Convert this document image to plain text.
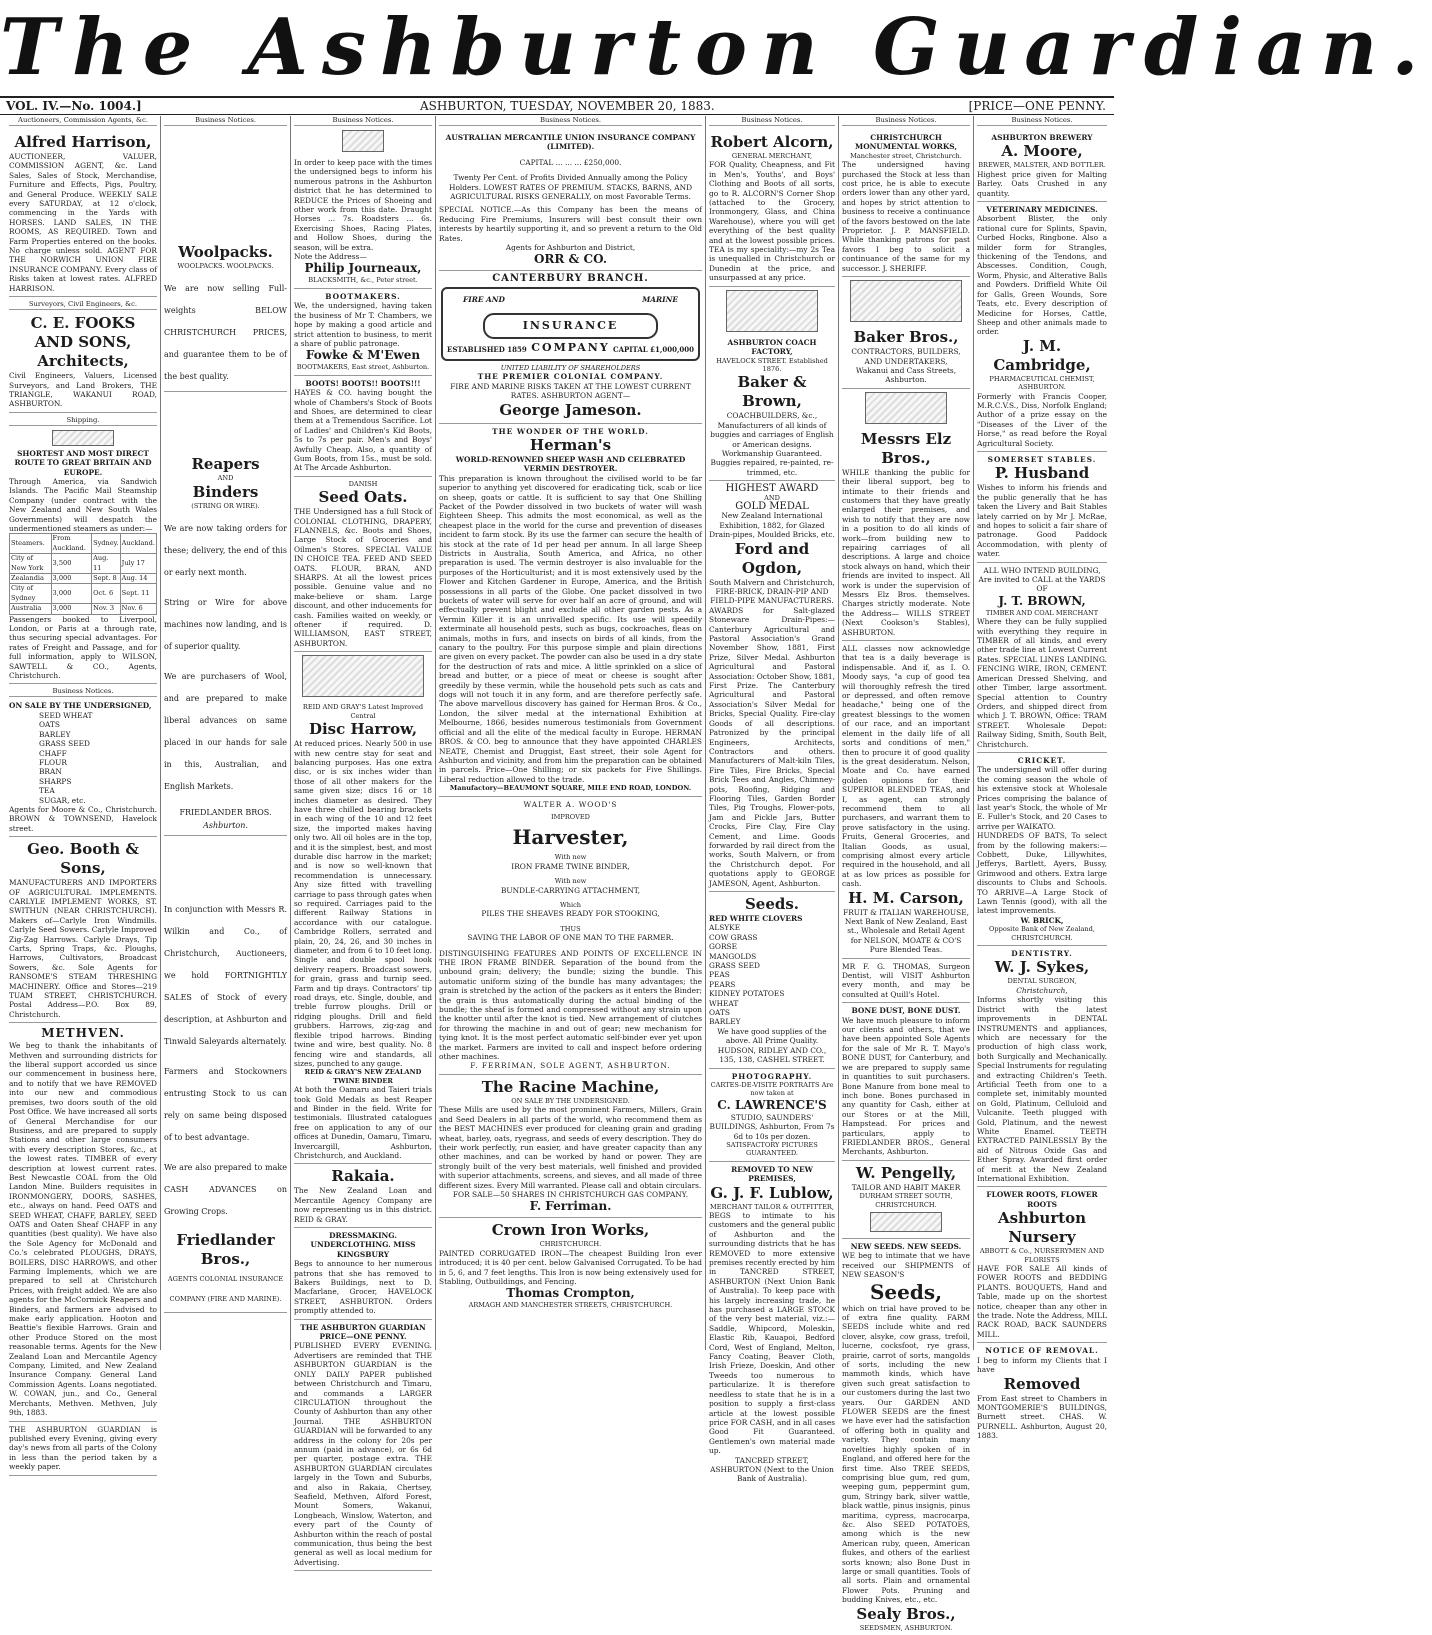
The Ashburton Guardian.
VOL. IV.—No. 1004.]	ASHBURTON, TUESDAY, NOVEMBER 20, 1883.	[PRICE—ONE PENNY.
Auctioneers, Commission Agents, &c.
Alfred Harrison,
AUCTIONEER, VALUER, COMMISSION AGENT, &c. Land Sales, Sales of Stock, Merchandise, Furniture and Effects, Pigs, Poultry, and General Produce. WEEKLY SALE every SATURDAY, at 12 o'clock, commencing in the Yards with HORSES. LAND SALES, IN THE ROOMS, AS REQUIRED. Town and Farm Properties entered on the books. No charge unless sold. AGENT FOR THE NORWICH UNION FIRE INSURANCE COMPANY. Every class of Risks taken at lowest rates. ALFRED HARRISON.
Surveyors, Civil Engineers, &c.
C. E. FOOKS AND SONS, Architects,
Civil Engineers, Valuers, Licensed Surveyors, and Land Brokers, THE TRIANGLE, WAKANUI ROAD, ASHBURTON.
Shipping.
SHORTEST AND MOST DIRECT ROUTE TO GREAT BRITAIN AND EUROPE.
Through America, via Sandwich Islands. The Pacific Mail Steamship Company (under contract with the New Zealand and New South Wales Governments) will despatch the undermentioned steamers as under:—
Steamers.	From Auckland.	Sydney.	Auckland.
City of New York	3,500	Aug. 11	July 17
Zealandia	3,000	Sept. 8	Aug. 14
City of Sydney	3,000	Oct. 6	Sept. 11
Australia	3,000	Nov. 3	Nov. 6
Passengers booked to Liverpool, London, or Paris at a through rate, thus securing special advantages. For rates of Freight and Passage, and for full information, apply to WILSON, SAWTELL & CO., Agents, Christchurch.
Business Notices.
ON SALE BY THE UNDERSIGNED,
SEED WHEAT
OATS
BARLEY
GRASS SEED
CHAFF
FLOUR
BRAN
SHARPS
TEA
SUGAR, etc.
Agents for Moore & Co., Christchurch. BROWN & TOWNSEND, Havelock street.
Geo. Booth & Sons,
MANUFACTURERS AND IMPORTERS OF AGRICULTURAL IMPLEMENTS. CARLYLE IMPLEMENT WORKS, ST. SWITHUN (NEAR CHRISTCHURCH). Makers of—Carlyle Iron Windmills. Carlyle Seed Sowers. Carlyle Improved Zig-Zag Harrows. Carlyle Drays, Tip Carts, Spring Traps, &c. Ploughs, Harrows, Cultivators, Broadcast Sowers, &c. Sole Agents for RANSOME'S STEAM THRESHING MACHINERY. Office and Stores—219 TUAM STREET, CHRISTCHURCH. Postal Address—P.O. Box 89, Christchurch.
METHVEN.
We beg to thank the inhabitants of Methven and surrounding districts for the liberal support accorded us since our commencement in business here, and to notify that we have REMOVED into our new and commodious premises, two doors south of the old Post Office. We have increased all sorts of General Merchandise for our Business, and are prepared to supply Stations and other large consumers with every description Stores, &c., at the lowest rates. TIMBER of every description at lowest current rates. Best Newcastle COAL from the Old Landon Mine. Builders requisites in IRONMONGERY, DOORS, SASHES, etc., always on hand. Feed OATS and SEED WHEAT, CHAFF, BARLEY, SEED OATS and Oaten Sheaf CHAFF in any quantities (best quality). We have also the Sole Agency for McDonald and Co.'s celebrated PLOUGHS, DRAYS, BOILERS, DISC HARROWS, and other Farming Implements, which we are prepared to sell at Christchurch Prices, with freight added. We are also agents for the McCormick Reapers and Binders, and farmers are advised to make early application. Hooton and Beattie's flexible Harrows. Grain and other Produce Stored on the most reasonable terms. Agents for the New Zealand Loan and Mercantile Agency Company, Limited, and New Zealand Insurance Company. General Land Commission Agents. Loans negotiated. W. COWAN, jun., and Co., General Merchants, Methven. Methven, July 9th, 1883.
THE ASHBURTON GUARDIAN is published every Evening, giving every day's news from all parts of the Colony in less than the period taken by a weekly paper.
Business Notices.
Woolpacks.
WOOLPACKS. WOOLPACKS.
We are now selling Full-weights BELOW CHRISTCHURCH PRICES, and guarantee them to be of the best quality.
Reapers
AND
Binders
(STRING OR WIRE).
We are now taking orders for these; delivery, the end of this or early next month.
String or Wire for above machines now landing, and is of superior quality.
We are purchasers of Wool, and are prepared to make liberal advances on same placed in our hands for sale in this, Australian, and English Markets.
FRIEDLANDER BROS.
Ashburton.
In conjunction with Messrs R. Wilkin and Co., of Christchurch, Auctioneers, we hold FORTNIGHTLY SALES of Stock of every description, at Ashburton and Tinwald Saleyards alternately.
Farmers and Stockowners entrusting Stock to us can rely on same being disposed of to best advantage.
We are also prepared to make CASH ADVANCES on Growing Crops.
Friedlander Bros.,
AGENTS COLONIAL INSURANCE COMPANY (FIRE AND MARINE).
Business Notices.
In order to keep pace with the times the undersigned begs to inform his numerous patrons in the Ashburton district that he has determined to REDUCE the Prices of Shoeing and other work from this date. Draught Horses ... 7s. Roadsters ... 6s. Exercising Shoes, Racing Plates, and Hollow Shoes, during the season, will be extra.
Note the Address—
Philip Journeaux,
BLACKSMITH, &c., Peter street.
BOOTMAKERS.
We, the undersigned, having taken the business of Mr T. Chambers, we hope by making a good article and strict attention to business, to merit a share of public patronage.
Fowke & M'Ewen
BOOTMAKERS, East street, Ashburton.
BOOTS! BOOTS!! BOOTS!!!
HAYES & CO. having bought the whole of Chambers's Stock of Boots and Shoes, are determined to clear them at a Tremendous Sacrifice. Lot of Ladies' and Children's Kid Boots, 5s to 7s per pair. Men's and Boys' Awfully Cheap. Also, a quantity of Gum Boots, from 15s., must be sold. At The Arcade Ashburton.
DANISH
Seed Oats.
THE Undersigned has a full Stock of COLONIAL CLOTHING, DRAPERY, FLANNELS, &c. Boots and Shoes, Large Stock of Groceries and Oilmen's Stores. SPECIAL VALUE IN CHOICE TEA. FEED AND SEED OATS. FLOUR, BRAN, AND SHARPS. At all the lowest prices possible. Genuine value and no make-believe or sham. Large discount, and other inducements for cash. Families waited on weekly, or oftener if required. D. WILLIAMSON, EAST STREET, ASHBURTON.
REID AND GRAY'S Latest Improved Central
Disc Harrow,
At reduced prices. Nearly 500 in use with new centre stay for seat and balancing purposes. Has one extra disc, or is six inches wider than those of all other makers for the same given size; discs 16 or 18 inches diameter as desired. They have three chilled bearing brackets in each wing of the 10 and 12 feet size, the imported makes having only two. All oil holes are in the top, and it is the simplest, best, and most durable disc harrow in the market; and is now so well-known that recommendation is unnecessary. Any size fitted with travelling carriage to pass through gates when so required. Carriages paid to the different Railway Stations in accordance with our catalogue. Cambridge Rollers, serrated and plain, 20, 24, 26, and 30 inches in diameter, and from 6 to 10 feet long. Single and double spool hook delivery reapers. Broadcast sowers, for grain, grass and turnip seed. Farm and tip drays. Contractors' tip road drays, etc. Single, double, and treble furrow ploughs. Drill or ridging ploughs. Drill and field grubbers. Harrows, zig-zag and flexible tripod harrows. Binding twine and wire, best quality. No. 8 fencing wire and standards, all sizes, punched to any gauge.
REID & GRAY'S NEW ZEALAND TWINE BINDER
At both the Oamaru and Taieri trials took Gold Medals as best Reaper and Binder in the field. Write for testimonials. Illustrated catalogues free on application to any of our offices at Dunedin, Oamaru, Timaru, Invercargill, Ashburton, Christchurch, and Auckland.
Rakaia.
The New Zealand Loan and Mercantile Agency Company are now representing us in this district. REID & GRAY.
DRESSMAKING. UNDERCLOTHING. MISS KINGSBURY
Begs to announce to her numerous patrons that she has removed to Bakers Buildings, next to D. Macfarlane, Grocer, HAVELOCK STREET, ASHBURTON. Orders promptly attended to.
THE ASHBURTON GUARDIAN PRICE—ONE PENNY.
PUBLISHED EVERY EVENING. Advertisers are reminded that THE ASHBURTON GUARDIAN is the ONLY DAILY PAPER published between Christchurch and Timaru, and commands a LARGER CIRCULATION throughout the County of Ashburton than any other Journal. THE ASHBURTON GUARDIAN will be forwarded to any address in the colony for 20s per annum (paid in advance), or 6s 6d per quarter, postage extra. THE ASHBURTON GUARDIAN circulates largely in the Town and Suburbs, and also in Rakaia, Chertsey, Seafield, Methven, Alford Forest, Mount Somers, Wakanui, Longbeach, Winslow, Waterton, and every part of the County of Ashburton within the reach of postal communication, thus being the best general as well as local medium for Advertising.
Business Notices.
AUSTRALIAN MERCANTILE UNION INSURANCE COMPANY (LIMITED).
CAPITAL ... ... ... £250,000.
Twenty Per Cent. of Profits Divided Annually among the Policy Holders. LOWEST RATES OF PREMIUM. STACKS, BARNS, AND AGRICULTURAL RISKS GENERALLY, on most Favorable Terms.
SPECIAL NOTICE.—As this Company has been the means of Reducing Fire Premiums, Insurers will best consult their own interests by heartily supporting it, and so prevent a return to the Old Rates.
Agents for Ashburton and District,
ORR & CO.
CANTERBURY BRANCH.
FIRE AND	MARINE
INSURANCE COMPANY
ESTABLISHED 1859	CAPITAL £1,000,000
UNITED LIABILITY OF SHAREHOLDERS
THE PREMIER COLONIAL COMPANY.
FIRE AND MARINE RISKS TAKEN AT THE LOWEST CURRENT RATES. ASHBURTON AGENT—
George Jameson.
THE WONDER OF THE WORLD.
Herman's
WORLD-RENOWNED SHEEP WASH AND CELEBRATED VERMIN DESTROYER.
This preparation is known throughout the civilised world to be far superior to anything yet discovered for eradicating tick, scab or lice on sheep, goats or cattle. It is sufficient to say that One Shilling Packet of the Powder dissolved in two buckets of water will wash Eighteen Sheep. This admits the most economical, as well as the cheapest place in the world for the curse and prevention of diseases incident to farm stock. By its use the farmer can secure the health of his stock at the rate of 1d per head per annum. In all large Sheep Districts in Australia, South America, and Africa, no other preparation is used. The vermin destroyer is also invaluable for the purposes of the Horticulturist; and it is most extensively used by the Flower and Kitchen Gardener in Europe, America, and the British possessions in all parts of the Globe. One packet dissolved in two buckets of water will serve for over half an acre of ground, and will effectually prevent blight and exclude all other garden pests. As a Vermin Killer it is an unrivalled specific. Its use will speedily exterminate all household pests, such as bugs, cockroaches, fleas on animals, moths in furs, and insects on birds of all kinds, from the canary to the poultry. For this purpose simple and plain directions are given on every packet. The powder can also be used in a dry state for the destruction of rats and mice. A little sprinkled on a slice of bread and butter, or a piece of meat or cheese is sought after greedily by these vermin, while the household pets such as cats and dogs will not touch it in any form, and are therefore perfectly safe. The above marvellous discovery has gained for Herman Bros. & Co., London, the silver medal at the international Exhibition at Melbourne, 1866, besides numerous testimonials from Government official and all the elite of the medical faculty in Europe. HERMAN BROS. & CO. beg to announce that they have appointed CHARLES NEATE, Chemist and Druggist, East street, their sole Agent for Ashburton and vicinity, and from him the preparation can be obtained in parcels. Price—One Shilling; or six packets for Five Shillings. Liberal reduction allowed to the trade.
Manufactory—BEAUMONT SQUARE, MILE END ROAD, LONDON.
WALTER A. WOOD'S
IMPROVED
Harvester,
With new
IRON FRAME TWINE BINDER,
With new
BUNDLE-CARRYING ATTACHMENT,
Which
PILES THE SHEAVES READY FOR STOOKING,
THUS
SAVING THE LABOR OF ONE MAN TO THE FARMER.
DISTINGUISHING FEATURES AND POINTS OF EXCELLENCE IN THE IRON FRAME BINDER. Separation of the bound from the unbound grain; delivery; the bundle; sizing the bundle. This automatic uniform sizing of the bundle has many advantages; the grain is stretched by the action of the packers as it enters the Binder; the grain is thus automatically during the actual binding of the bundle; the sheaf is formed and compressed without any strain upon the knotter until after the knot is tied. New arrangement of clutches for throwing the machine in and out of gear; new mechanism for tying knot. It is the most perfect automatic self-binder ever yet upon the market. Farmers are invited to call and inspect before ordering other machines.
F. FERRIMAN, SOLE AGENT, ASHBURTON.
The Racine Machine,
ON SALE BY THE UNDERSIGNED.
These Mills are used by the most prominent Farmers, Millers, Grain and Seed Dealers in all parts of the world, who recommend them as the BEST MACHINES ever produced for cleaning grain and grading wheat, barley, oats, ryegrass, and seeds of every description. They do their work perfectly, run easier, and have greater capacity than any other machines, and can be worked by hand or power. They are strongly built of the very best materials, well finished and provided with superior attachments, screens, and sieves, and all made of three different sizes. Every Mill warranted. Please call and obtain circulars.
FOR SALE—50 SHARES IN CHRISTCHURCH GAS COMPANY.
F. Ferriman.
Crown Iron Works,
CHRISTCHURCH.
PAINTED CORRUGATED IRON—The cheapest Building Iron ever introduced; it is 40 per cent. below Galvanised Corrugated. To be had in 5, 6, and 7 feet lengths. This Iron is now being extensively used for Stabling, Outbuildings, and Fencing.
Thomas Crompton,
ARMAGH AND MANCHESTER STREETS, CHRISTCHURCH.
Business Notices.
Robert Alcorn,
GENERAL MERCHANT,
FOR Quality, Cheapness, and Fit in Men's, Youths', and Boys' Clothing and Boots of all sorts, go to R. ALCORN'S Corner Shop (attached to the Grocery, Ironmongery, Glass, and China Warehouse), where you will get everything of the best quality and at the lowest possible prices. TEA is my speciality:—my 2s Tea is unequalled in Christchurch or Dunedin at the price, and unsurpassed at any price.
ASHBURTON COACH FACTORY,
HAVELOCK STREET. Established 1876.
Baker & Brown,
COACHBUILDERS, &c., Manufacturers of all kinds of buggies and carriages of English or American designs. Workmanship Guaranteed. Buggies repaired, re-painted, re-trimmed, etc.
HIGHEST AWARD
AND
GOLD MEDAL
New Zealand International Exhibition, 1882, for Glazed Drain-pipes, Moulded Bricks, etc.
Ford and Ogdon,
South Malvern and Christchurch, FIRE-BRICK, DRAIN-PIP AND FIELD-PIPE MANUFACTURERS.
AWARDS for Salt-glazed Stoneware Drain-Pipes:—Canterbury Agricultural and Pastoral Association's Grand November Show, 1881, First Prize, Silver Medal. Ashburton Agricultural and Pastoral Association: October Show, 1881, First Prize. The Canterbury Agricultural and Pastoral Association's Silver Medal for Bricks, Special Quality. Fire-clay Goods of all descriptions. Patronized by the principal Engineers, Architects, Contractors and others. Manufacturers of Malt-kiln Tiles, Fire Tiles, Fire Bricks, Special Brick Tees and Angles, Chimney-pots, Roofing, Ridging and Flooring Tiles, Garden Border Tiles, Pig Troughs, Flower-pots, Jam and Pickle Jars, Butter Crocks, Fire Clay, Fire Clay Cement, and Lime. Goods forwarded by rail direct from the works, South Malvern, or from the Christchurch depot. For quotations apply to GEORGE JAMESON, Agent, Ashburton.
Seeds.
RED WHITE CLOVERS
ALSYKE
COW GRASS
GORSE
MANGOLDS
GRASS SEED
PEAS
PEARS
KIDNEY POTATOES
WHEAT
OATS
BARLEY
We have good supplies of the above. All Prime Quality.
HUDSON, RIDLEY AND CO., 135, 138, CASHEL STREET.
PHOTOGRAPHY.
CARTES-DE-VISITE PORTRAITS Are now taken at
C. LAWRENCE'S
STUDIO, SAUNDERS' BUILDINGS, Ashburton, From 7s 6d to 10s per dozen.
SATISFACTORY PICTURES GUARANTEED.
REMOVED TO NEW PREMISES,
G. J. F. Lublow,
MERCHANT TAILOR & OUTFITTER,
BEGS to intimate to his customers and the general public of Ashburton and the surrounding districts that he has REMOVED to more extensive premises recently erected by him in TANCRED STREET, ASHBURTON (Next Union Bank of Australia). To keep pace with his largely increasing trade, he has purchased a LARGE STOCK of the very best material, viz.:— Saddle, Whipcord, Moleskin, Elastic Rib, Kauapoi, Bedford Cord, West of England, Melton, Fancy Coating, Beaver Cloth, Irish Frieze, Doeskin, And other Tweeds too numerous to particularize. It is therefore needless to state that he is in a position to supply a first-class article at the lowest possible price FOR CASH, and in all cases Good Fit Guaranteed. Gentlemen's own material made up.
TANCRED STREET, ASHBURTON (Next to the Union Bank of Australia).
Business Notices.
CHRISTCHURCH MONUMENTAL WORKS,
Manchester street, Christchurch.
The undersigned having purchased the Stock at less than cost price, he is able to execute orders lower than any other yard, and hopes by strict attention to business to receive a continuance of the favors bestowed on the late Proprietor. J. P. MANSFIELD. While thanking patrons for past favors I beg to solicit a continuance of the same for my successor. J. SHERIFF.
Baker Bros.,
CONTRACTORS, BUILDERS, AND UNDERTAKERS,
Wakanui and Cass Streets, Ashburton.
Messrs Elz Bros.,
WHILE thanking the public for their liberal support, beg to intimate to their friends and customers that they have greatly enlarged their premises, and wish to notify that they are now in a position to do all kinds of work—from building new to repairing carriages of all descriptions. A large and choice stock always on hand, which their friends are invited to inspect. All work is under the supervision of Messrs Elz Bros. themselves. Charges strictly moderate. Note the Address— WILLS STREET (Next Cookson's Stables), ASHBURTON.
ALL classes now acknowledge that tea is a daily beverage is indispensable. And if, as I. O. Moody says, "a cup of good tea will thoroughly refresh the tired or depressed, and often remove headache," being one of the greatest blessings to the women of our race, and an important element in the daily life of all sorts and conditions of men," then to procure it of good quality is the great desideratum. Nelson, Moate and Co. have earned golden opinions for their SUPERIOR BLENDED TEAS, and I, as agent, can strongly recommend them to all purchasers, and warrant them to prove satisfactory in the using. Fruits, General Groceries, and Italian Goods, as usual, comprising almost every article required in the household, and all at as low prices as possible for cash.
H. M. Carson,
FRUIT & ITALIAN WAREHOUSE, Next Bank of New Zealand, East st., Wholesale and Retail Agent for NELSON, MOATE & CO'S Pure Blended Teas.
MR F. G. THOMAS, Surgeon Dentist, will VISIT Ashburton every month, and may be consulted at Quill's Hotel.
BONE DUST, BONE DUST.
We have much pleasure to inform our clients and others, that we have been appointed Sole Agents for the sale of Mr R. T. Mayo's BONE DUST, for Canterbury, and we are prepared to supply same in quantities to suit purchasers. Bone Manure from bone meal to inch bone. Bones purchased in any quantity for Cash, either at our Stores or at the Mill, Hampstead. For prices and particulars, apply to FRIEDLANDER BROS., General Merchants, Ashburton.
W. Pengelly,
TAILOR AND HABIT MAKER
DURHAM STREET SOUTH, CHRISTCHURCH.
NEW SEEDS. NEW SEEDS.
WE beg to intimate that we have received our SHIPMENTS of NEW SEASON'S
Seeds,
which on trial have proved to be of extra fine quality. FARM SEEDS include white and red clover, alsyke, cow grass, trefoil, lucerne, cocksfoot, rye grass, prairie, carrot of sorts, mangolds of sorts, including the new mammoth kinds, which have given such great satisfaction to our customers during the last two years. Our GARDEN AND FLOWER SEEDS are the finest we have ever had the satisfaction of offering both in quality and variety. They contain many novelties highly spoken of in England, and offered here for the first time. Also TREE SEEDS, comprising blue gum, red gum, weeping gum, peppermint gum, gum, Stringy bark, silver wattle, black wattle, pinus insignis, pinus maritima, cypress, macrocarpa, &c. Also SEED POTATOES, among which is the new American ruby, queen, American flukes, and others of the earliest sorts known; also Bone Dust in large or small quantities. Tools of all sorts. Plain and ornamental Flower Pots. Pruning and budding Knives, etc., etc.
Sealy Bros.,
SEEDSMEN, ASHBURTON.
Business Notices.
ASHBURTON BREWERY
A. Moore,
BREWER, MALSTER, AND BOTTLER.
Highest price given for Malting Barley. Oats Crushed in any quantity.
VETERINARY MEDICINES.
Absorbent Blister, the only rational cure for Splints, Spavin, Curbed Hocks, Ringbone. Also a milder form for Strangles, thickening of the Tendons, and Abscesses. Condition, Cough, Worm, Physic, and Alterative Balls and Powders. Driffield White Oil for Galls, Green Wounds, Sore Teats, etc. Every description of Medicine for Horses, Cattle, Sheep and other animals made to order.
J. M. Cambridge,
PHARMACEUTICAL CHEMIST, ASHBURTON.
Formerly with Francis Cooper, M.R.C.V.S., Diss, Norfolk England; Author of a prize essay on the "Diseases of the Liver of the Horse," as read before the Royal Agricultural Society.
SOMERSET STABLES.
P. Husband
Wishes to inform his friends and the public generally that he has taken the Livery and Bait Stables lately carried on by Mr J. McRae, and hopes to solicit a fair share of patronage. Good Paddock Accommodation, with plenty of water.
ALL WHO INTEND BUILDING, Are invited to CALL at the YARDS OF
J. T. BROWN,
TIMBER AND COAL MERCHANT
Where they can be fully supplied with everything they require in TIMBER of all kinds, and every other trade line at Lowest Current Rates. SPECIAL LINES LANDING. FENCING WIRE, IRON, CEMENT. American Dressed Shelving, and other Timber, large assortment. Special attention to Country Orders, and shipped direct from which J. T. BROWN, Office: TRAM STREET. Wholesale Depot: Railway Siding, Smith, South Belt, Christchurch.
CRICKET.
The undersigned will offer during the coming season the whole of his extensive stock at Wholesale Prices comprising the balance of last year's Stock, the whole of Mr E. Fuller's Stock, and 20 Cases to arrive per WAIKATO.
HUNDREDS OF BATS, To select from by the following makers:—Cobbett, Duke, Lillywhites, Jefferys, Bartlett, Ayers, Bussy, Grimwood and others. Extra large discounts to Clubs and Schools. TO ARRIVE—A Large Stock of Lawn Tennis (good), with all the latest improvements.
W. BRICK,
Opposite Bank of New Zealand, CHRISTCHURCH.
DENTISTRY.
W. J. Sykes,
DENTAL SURGEON,
Christchurch,
Informs shortly visiting this District with the latest improvements in DENTAL INSTRUMENTS and appliances, which are necessary for the production of high class work, both Surgically and Mechanically. Special Instruments for regulating and extracting Children's Teeth. Artificial Teeth from one to a complete set, inimitably mounted on Gold, Platinum, Celluloid and Vulcanite. Teeth plugged with Gold, Platinum, and the newest White Enamel. TEETH EXTRACTED PAINLESSLY By the aid of Nitrous Oxide Gas and Ether Spray. Awarded first order of merit at the New Zealand International Exhibition.
FLOWER ROOTS, FLOWER ROOTS
Ashburton Nursery
ABBOTT & Co., NURSERYMEN AND FLORISTS
HAVE FOR SALE All kinds of FOWER ROOTS and BEDDING PLANTS. BOUQUETS, Hand and Table, made up on the shortest notice, cheaper than any other in the trade. Note the Address, MILL RACK ROAD, BACK SAUNDERS MILL.
NOTICE OF REMOVAL.
I beg to inform my Clients that I have
Removed
From East street to Chambers in MONTGOMERIE'S BUILDINGS, Burnett street. CHAS. W. PURNELL. Ashburton, August 20, 1883.
